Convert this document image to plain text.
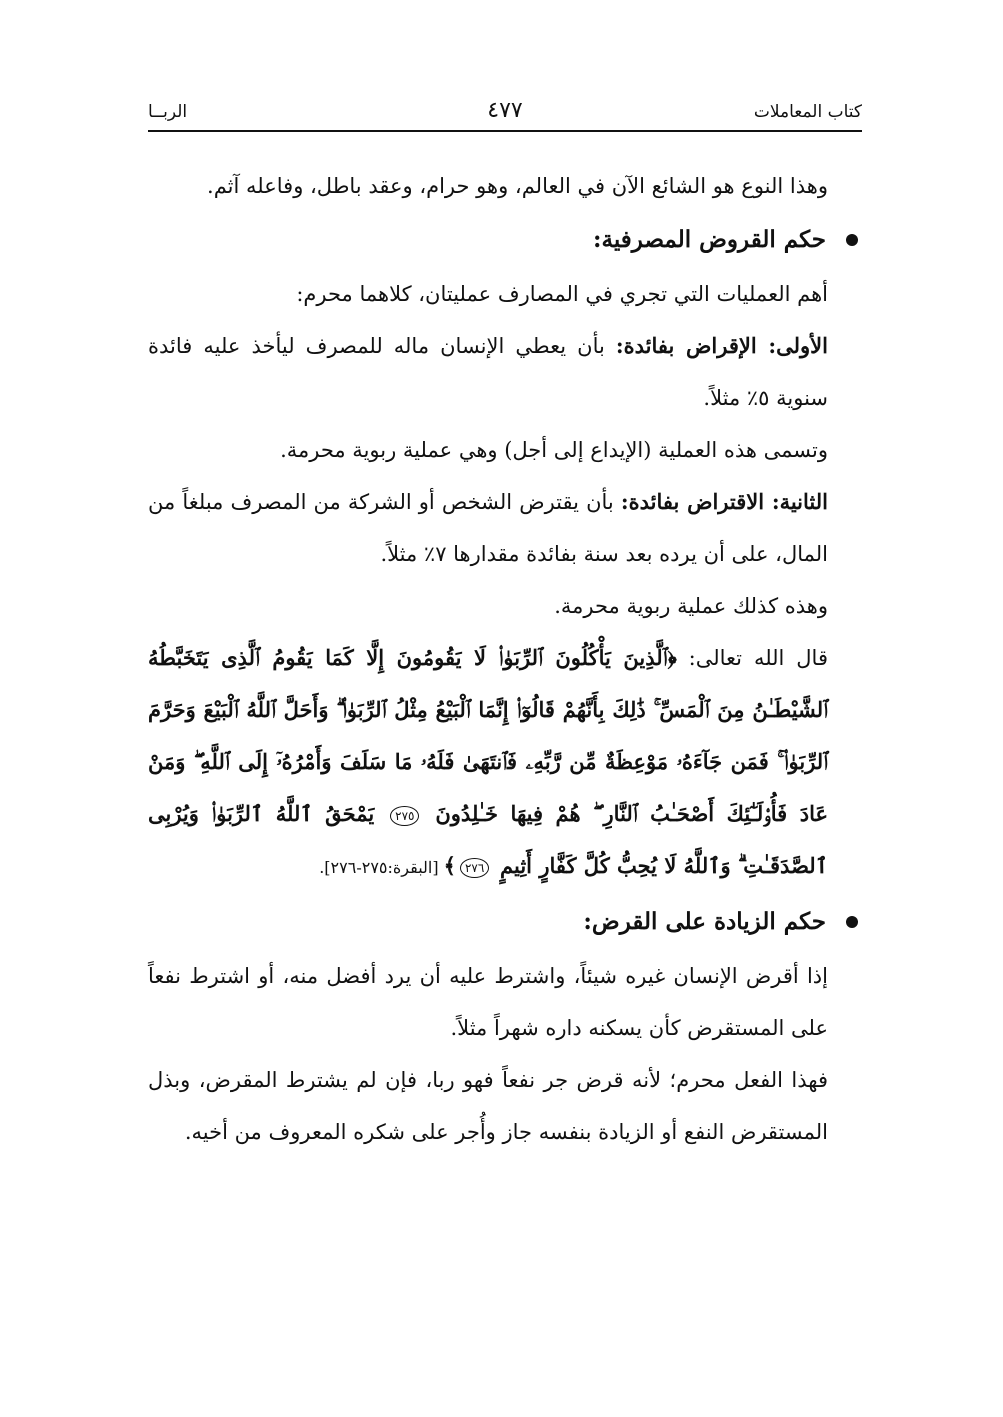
كتاب المعاملات
٤٧٧
الربــا

وهذا النوع هو الشائع الآن في العالم، وهو حرام، وعقد باطل، وفاعله آثم.

حكم القروض المصرفية:

أهم العمليات التي تجري في المصارف عمليتان، كلاهما محرم:

الأولى: الإقراض بفائدة: بأن يعطي الإنسان ماله للمصرف ليأخذ عليه فائدة سنوية ٥٪ مثلاً.

وتسمى هذه العملية (الإيداع إلى أجل) وهي عملية ربوية محرمة.

الثانية: الاقتراض بفائدة: بأن يقترض الشخص أو الشركة من المصرف مبلغاً من المال، على أن يرده بعد سنة بفائدة مقدارها ٧٪ مثلاً.

وهذه كذلك عملية ربوية محرمة.

قال الله تعالى: ﴿ٱلَّذِينَ يَأْكُلُونَ ٱلرِّبَوٰا۟ لَا يَقُومُونَ إِلَّا كَمَا يَقُومُ ٱلَّذِى يَتَخَبَّطُهُ ٱلشَّيْطَـٰنُ مِنَ ٱلْمَسِّ ۚ ذَٰلِكَ بِأَنَّهُمْ قَالُوٓا۟ إِنَّمَا ٱلْبَيْعُ مِثْلُ ٱلرِّبَوٰا۟ ۗ وَأَحَلَّ ٱللَّهُ ٱلْبَيْعَ وَحَرَّمَ ٱلرِّبَوٰا۟ ۚ فَمَن جَآءَهُۥ مَوْعِظَةٌ مِّن رَّبِّهِۦ فَٱنتَهَىٰ فَلَهُۥ مَا سَلَفَ وَأَمْرُهُۥٓ إِلَى ٱللَّهِ ۖ وَمَنْ عَادَ فَأُو۟لَـٰٓئِكَ أَصْحَـٰبُ ٱلنَّارِ ۖ هُمْ فِيهَا خَـٰلِدُونَ ٢٧٥ يَمْحَقُ ٱللَّهُ ٱلرِّبَوٰا۟ وَيُرْبِى ٱلصَّدَقَـٰتِ ۗ وَٱللَّهُ لَا يُحِبُّ كُلَّ كَفَّارٍ أَثِيمٍ ٢٧٦﴾ [البقرة:٢٧٥-٢٧٦].

حكم الزيادة على القرض:

إذا أقرض الإنسان غيره شيئاً، واشترط عليه أن يرد أفضل منه، أو اشترط نفعاً على المستقرض كأن يسكنه داره شهراً مثلاً.

فهذا الفعل محرم؛ لأنه قرض جر نفعاً فهو ربا، فإن لم يشترط المقرض، وبذل المستقرض النفع أو الزيادة بنفسه جاز وأُجر على شكره المعروف من أخيه.
